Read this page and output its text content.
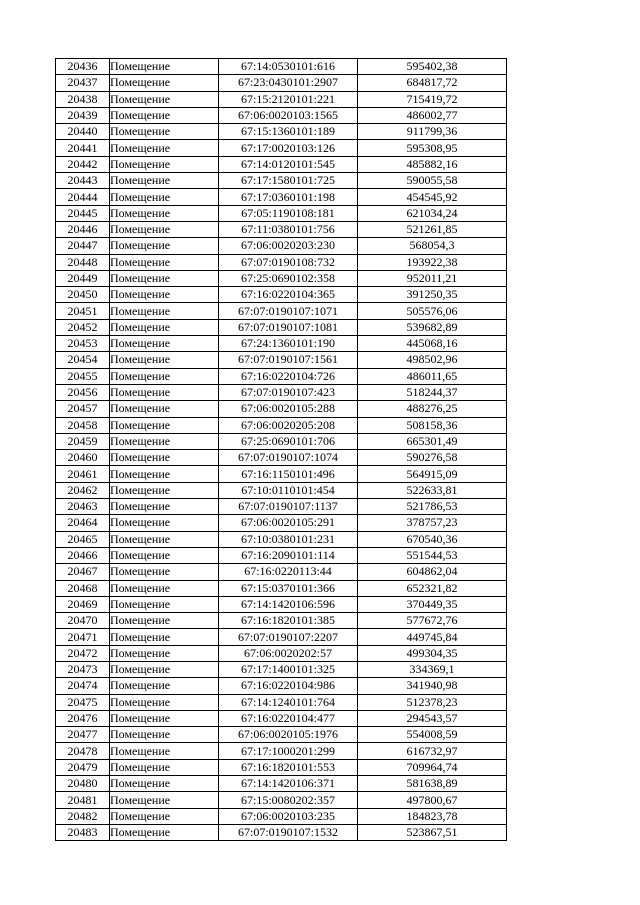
20436	Помещение	67:14:0530101:616	595402,38
20437	Помещение	67:23:0430101:2907	684817,72
20438	Помещение	67:15:2120101:221	715419,72
20439	Помещение	67:06:0020103:1565	486002,77
20440	Помещение	67:15:1360101:189	911799,36
20441	Помещение	67:17:0020103:126	595308,95
20442	Помещение	67:14:0120101:545	485882,16
20443	Помещение	67:17:1580101:725	590055,58
20444	Помещение	67:17:0360101:198	454545,92
20445	Помещение	67:05:1190108:181	621034,24
20446	Помещение	67:11:0380101:756	521261,85
20447	Помещение	67:06:0020203:230	568054,3
20448	Помещение	67:07:0190108:732	193922,38
20449	Помещение	67:25:0690102:358	952011,21
20450	Помещение	67:16:0220104:365	391250,35
20451	Помещение	67:07:0190107:1071	505576,06
20452	Помещение	67:07:0190107:1081	539682,89
20453	Помещение	67:24:1360101:190	445068,16
20454	Помещение	67:07:0190107:1561	498502,96
20455	Помещение	67:16:0220104:726	486011,65
20456	Помещение	67:07:0190107:423	518244,37
20457	Помещение	67:06:0020105:288	488276,25
20458	Помещение	67:06:0020205:208	508158,36
20459	Помещение	67:25:0690101:706	665301,49
20460	Помещение	67:07:0190107:1074	590276,58
20461	Помещение	67:16:1150101:496	564915,09
20462	Помещение	67:10:0110101:454	522633,81
20463	Помещение	67:07:0190107:1137	521786,53
20464	Помещение	67:06:0020105:291	378757,23
20465	Помещение	67:10:0380101:231	670540,36
20466	Помещение	67:16:2090101:114	551544,53
20467	Помещение	67:16:0220113:44	604862,04
20468	Помещение	67:15:0370101:366	652321,82
20469	Помещение	67:14:1420106:596	370449,35
20470	Помещение	67:16:1820101:385	577672,76
20471	Помещение	67:07:0190107:2207	449745,84
20472	Помещение	67:06:0020202:57	499304,35
20473	Помещение	67:17:1400101:325	334369,1
20474	Помещение	67:16:0220104:986	341940,98
20475	Помещение	67:14:1240101:764	512378,23
20476	Помещение	67:16:0220104:477	294543,57
20477	Помещение	67:06:0020105:1976	554008,59
20478	Помещение	67:17:1000201:299	616732,97
20479	Помещение	67:16:1820101:553	709964,74
20480	Помещение	67:14:1420106:371	581638,89
20481	Помещение	67:15:0080202:357	497800,67
20482	Помещение	67:06:0020103:235	184823,78
20483	Помещение	67:07:0190107:1532	523867,51
